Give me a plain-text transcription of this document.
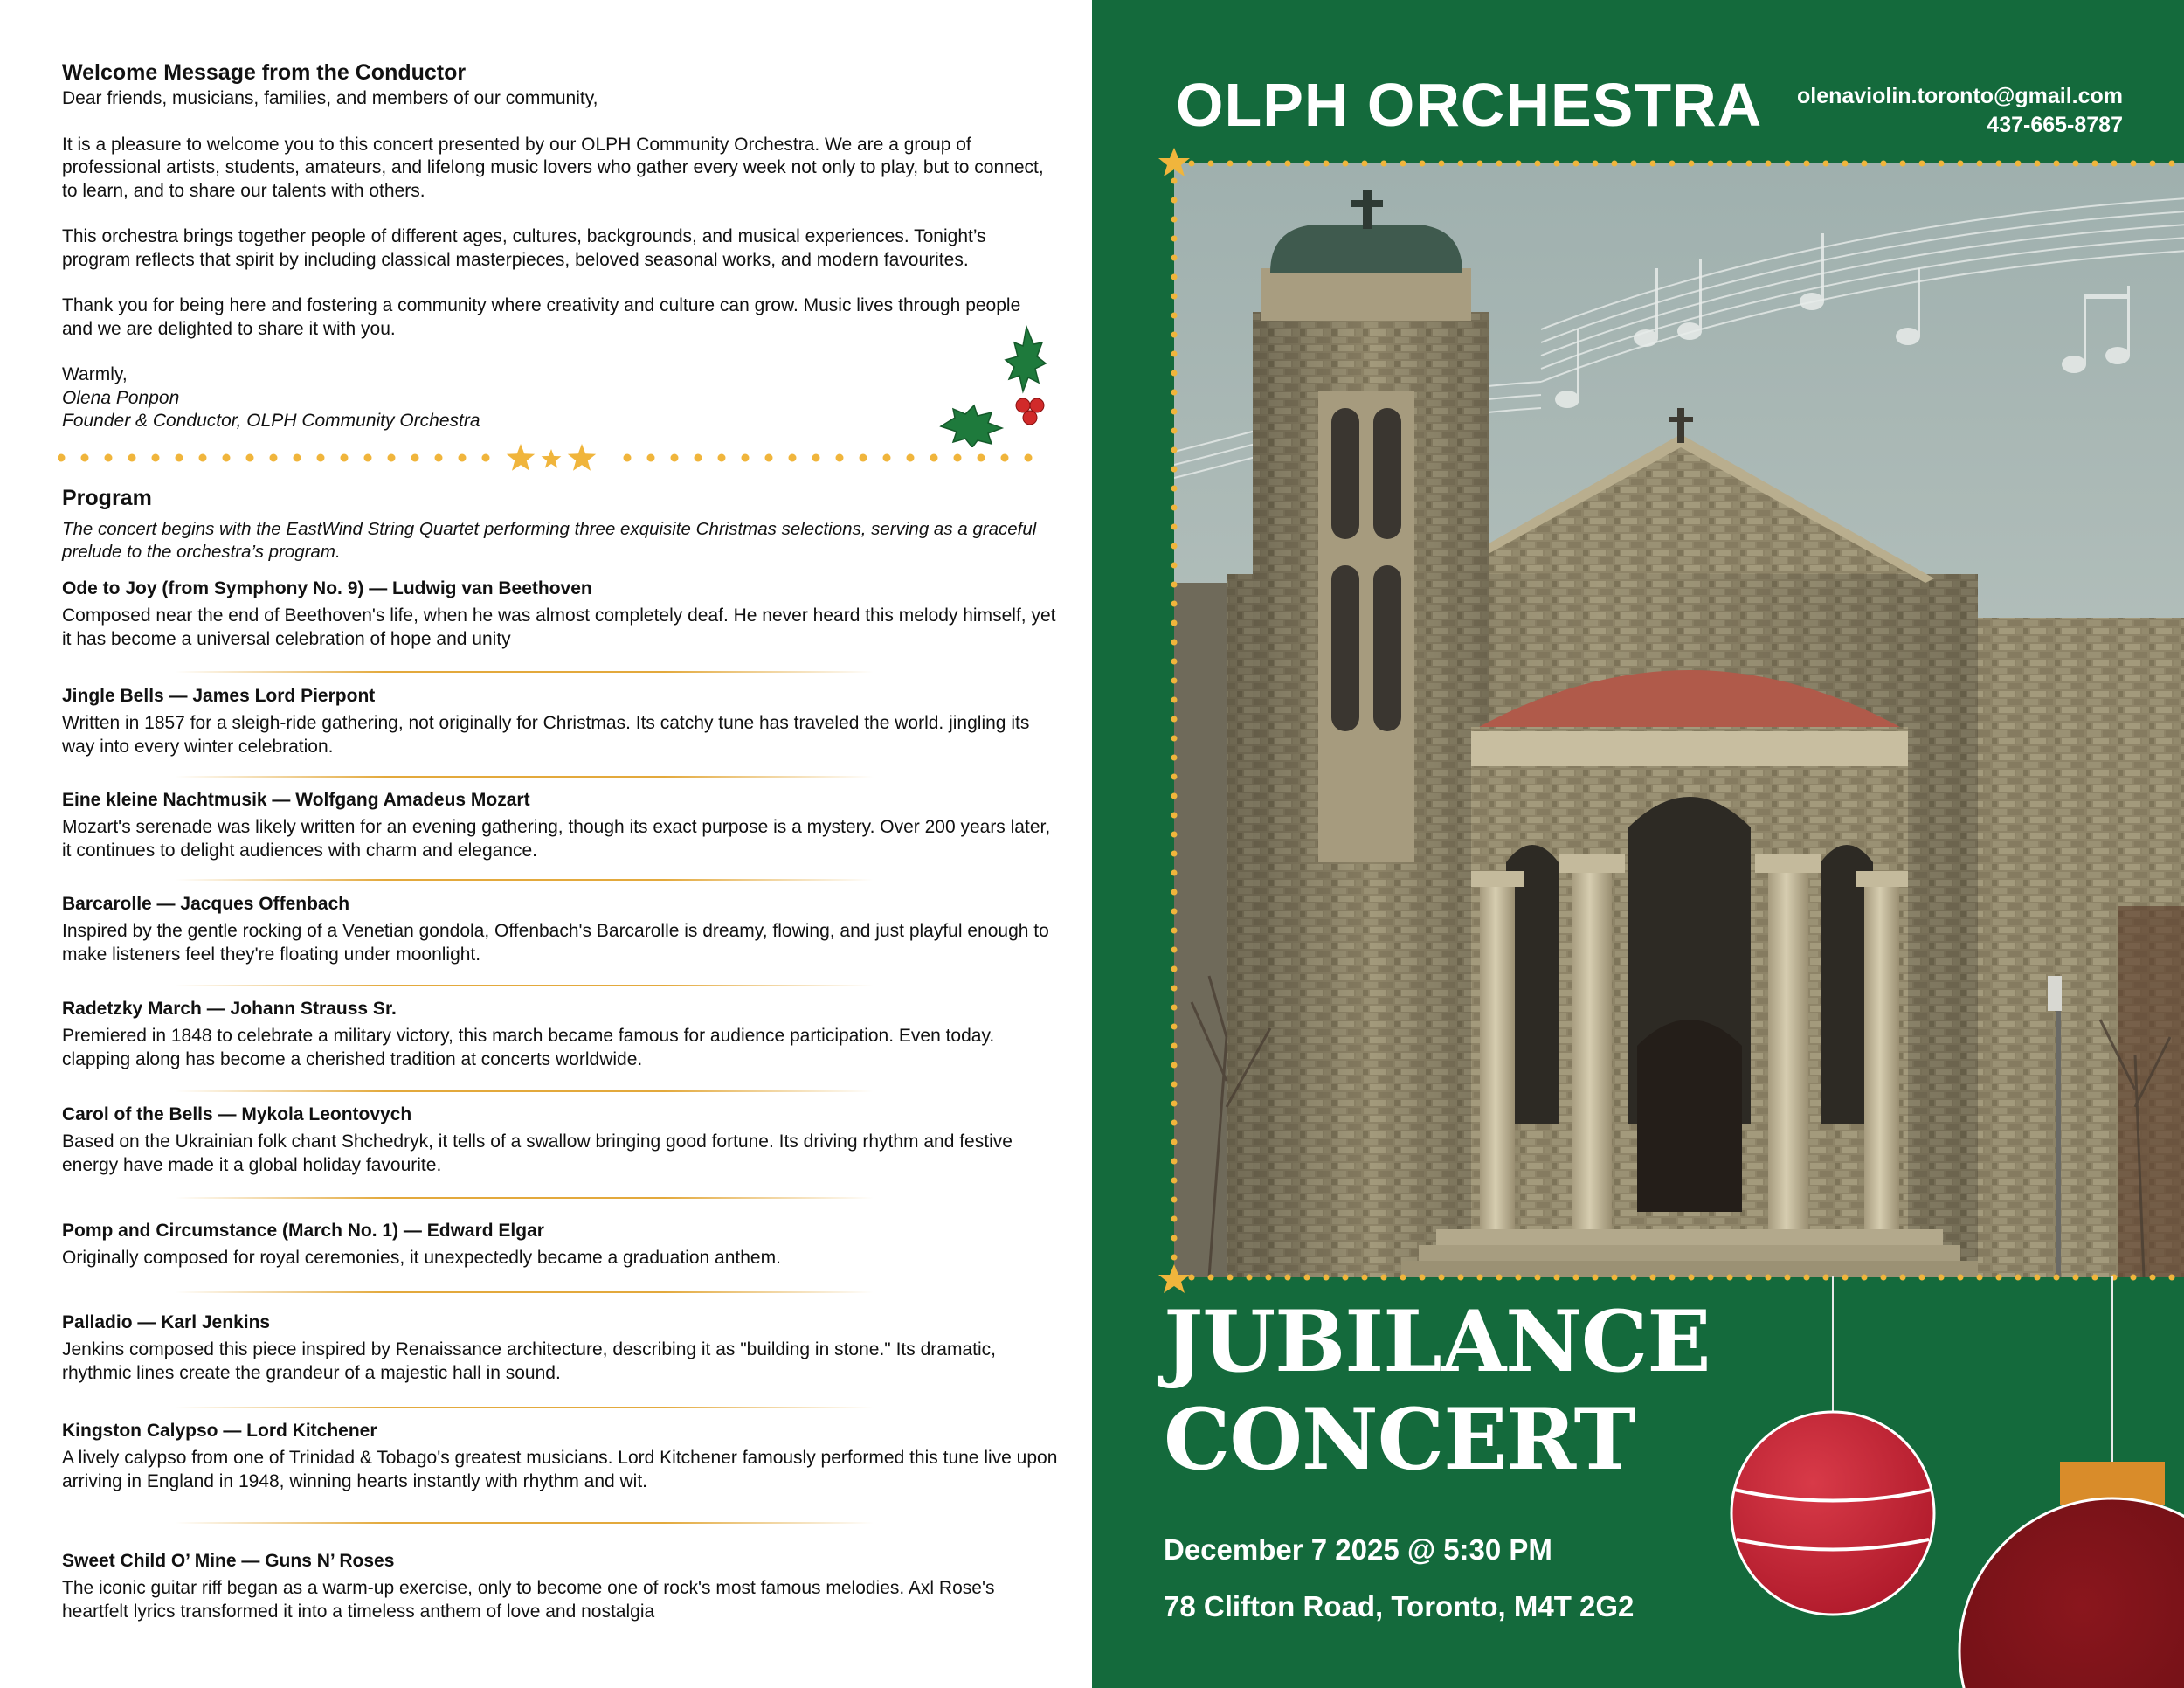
Welcome Message from the Conductor

Dear friends, musicians, families, and members of our community,

It is a pleasure to welcome you to this concert presented by our OLPH Community Orchestra. We are a group of professional artists, students, amateurs, and lifelong music lovers who gather every week not only to play, but to connect, to learn, and to share our talents with others.

This orchestra brings together people of different ages, cultures, backgrounds, and musical experiences. Tonight’s program reflects that spirit by including classical masterpieces, beloved seasonal works, and modern favourites.

Thank you for being here and fostering a community where creativity and culture can grow. Music lives through people and we are delighted to share it with you.

Warmly,

Olena Ponpon

Founder & Conductor, OLPH Community Orchestra

Program

The concert begins with the EastWind String Quartet performing three exquisite Christmas selections, serving as a graceful prelude to the orchestra’s program.

Ode to Joy (from Symphony No. 9) — Ludwig van Beethoven
Composed near the end of Beethoven's life, when he was almost completely deaf. He never heard this melody himself, yet it has become a universal celebration of hope and unity
Jingle Bells — James Lord Pierpont
Written in 1857 for a sleigh-ride gathering, not originally for Christmas. Its catchy tune has traveled the world. jingling its way into every winter celebration.
Eine kleine Nachtmusik — Wolfgang Amadeus Mozart
Mozart's serenade was likely written for an evening gathering, though its exact purpose is a mystery. Over 200 years later, it continues to delight audiences with charm and elegance.
Barcarolle — Jacques Offenbach
Inspired by the gentle rocking of a Venetian gondola, Offenbach's Barcarolle is dreamy, flowing, and just playful enough to make listeners feel they're floating under moonlight.
Radetzky March — Johann Strauss Sr.
Premiered in 1848 to celebrate a military victory, this march became famous for audience participation. Even today. clapping along has become a cherished tradition at concerts worldwide.
Carol of the Bells — Mykola Leontovych
Based on the Ukrainian folk chant Shchedryk, it tells of a swallow bringing good fortune. Its driving rhythm and festive energy have made it a global holiday favourite.
Pomp and Circumstance (March No. 1) — Edward Elgar
Originally composed for royal ceremonies, it unexpectedly became a graduation anthem.
Palladio — Karl Jenkins
Jenkins composed this piece inspired by Renaissance architecture, describing it as "building in stone." Its dramatic, rhythmic lines create the grandeur of a majestic hall in sound.
Kingston Calypso — Lord Kitchener
A lively calypso from one of Trinidad & Tobago's greatest musicians. Lord Kitchener famously performed this tune live upon arriving in England in 1948, winning hearts instantly with rhythm and wit.
Sweet Child O’ Mine — Guns N’ Roses
The iconic guitar riff began as a warm-up exercise, only to become one of rock's most famous melodies. Axl Rose's heartfelt lyrics transformed it into a timeless anthem of love and nostalgia
OLPH ORCHESTRA olenaviolin.toronto@gmail.com
437-665-8787
JUBILANCE
CONCERT
December 7 2025 @ 5:30 PM
78 Clifton Road, Toronto, M4T 2G2
